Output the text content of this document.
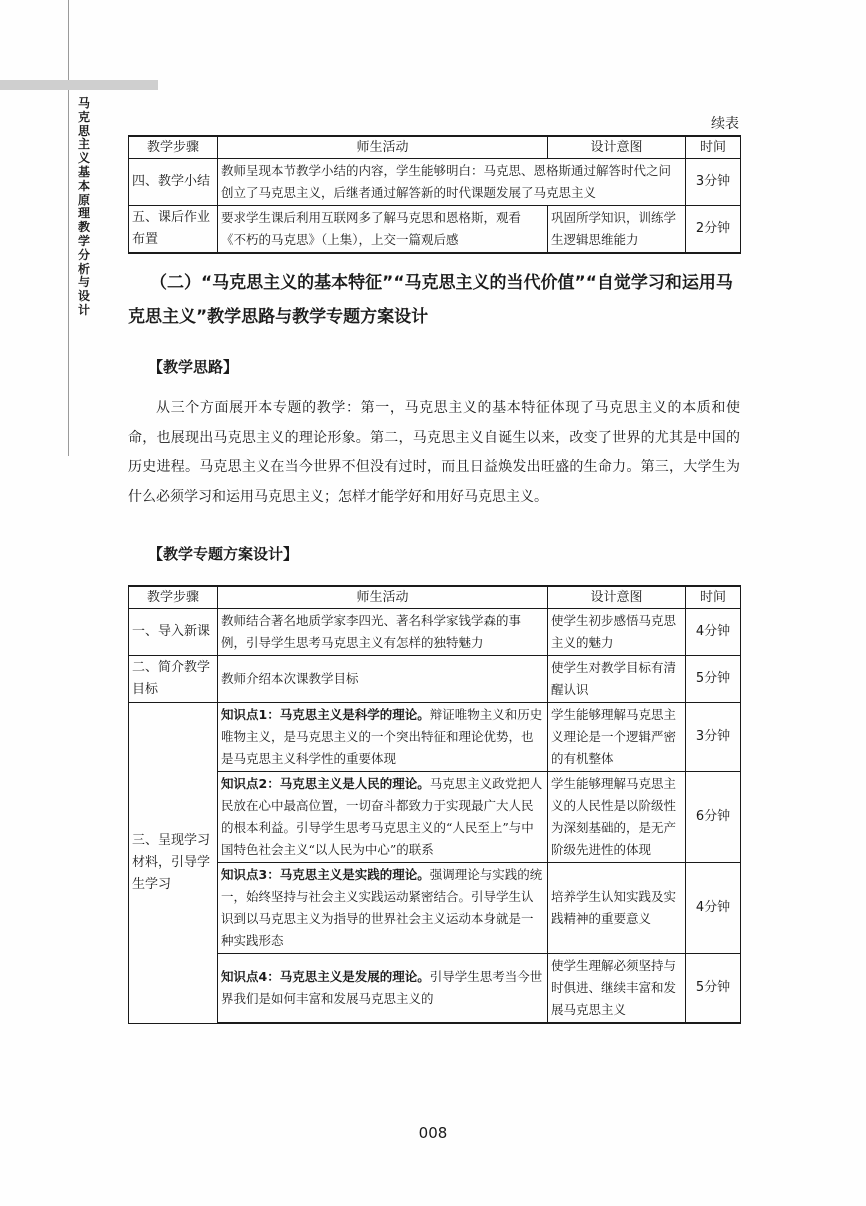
马克思主义基本原理教学分析与设计
续表
教学步骤	师生活动	设计意图	时间
四、教学小结	教师呈现本节教学小结的内容，学生能够明白：马克思、恩格斯通过解答时代之问创立了马克思主义，后继者通过解答新的时代课题发展了马克思主义		3分钟
五、课后作业布置	要求学生课后利用互联网多了解马克思和恩格斯，观看《不朽的马克思》（上集），上交一篇观后感	巩固所学知识，训练学生逻辑思维能力	2分钟

（二）“马克思主义的基本特征”“马克思主义的当代价值”“自觉学习和运用马克思主义”教学思路与教学专题方案设计

【教学思路】

从三个方面展开本专题的教学：第一，马克思主义的基本特征体现了马克思主义的本质和使命，也展现出马克思主义的理论形象。第二，马克思主义自诞生以来，改变了世界的尤其是中国的历史进程。马克思主义在当今世界不但没有过时，而且日益焕发出旺盛的生命力。第三，大学生为什么必须学习和运用马克思主义；怎样才能学好和用好马克思主义。

【教学专题方案设计】

教学步骤	师生活动	设计意图	时间
一、导入新课	教师结合著名地质学家李四光、著名科学家钱学森的事例，引导学生思考马克思主义有怎样的独特魅力	使学生初步感悟马克思主义的魅力	4分钟
二、简介教学目标	教师介绍本次课教学目标	使学生对教学目标有清醒认识	5分钟
三、呈现学习材料，引导学生学习	知识点1：马克思主义是科学的理论。辩证唯物主义和历史唯物主义，是马克思主义的一个突出特征和理论优势，也是马克思主义科学性的重要体现	学生能够理解马克思主义理论是一个逻辑严密的有机整体	3分钟
	知识点2：马克思主义是人民的理论。马克思主义政党把人民放在心中最高位置，一切奋斗都致力于实现最广大人民的根本利益。引导学生思考马克思主义的“人民至上”与中国特色社会主义“以人民为中心”的联系	学生能够理解马克思主义的人民性是以阶级性为深刻基础的，是无产阶级先进性的体现	6分钟
	知识点3：马克思主义是实践的理论。强调理论与实践的统一，始终坚持与社会主义实践运动紧密结合。引导学生认识到以马克思主义为指导的世界社会主义运动本身就是一种实践形态	培养学生认知实践及实践精神的重要意义	4分钟
	知识点4：马克思主义是发展的理论。引导学生思考当今世界我们是如何丰富和发展马克思主义的	使学生理解必须坚持与时俱进、继续丰富和发展马克思主义	5分钟
008
